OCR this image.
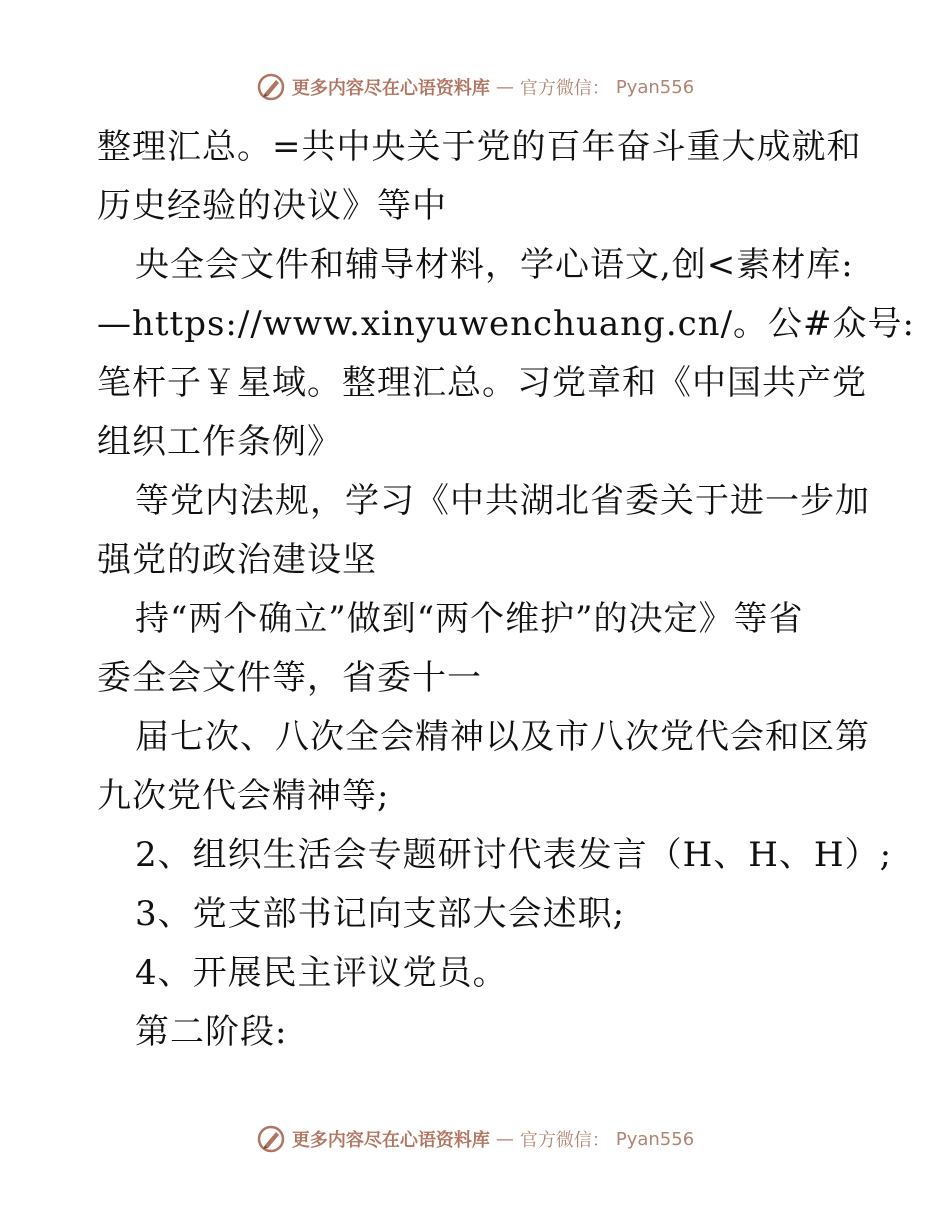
更多内容尽在心语资料库 — 官方微信： Pyan556
整理汇总。=共中央关于党的百年奋斗重大成就和
历史经验的决议》等中
央全会文件和辅导材料，学心语文,创<素材库:
—https://www.xinyuwenchuang.cn/。公#众号:
笔杆子￥星域。整理汇总。习党章和《中国共产党
组织工作条例》
等党内法规，学习《中共湖北省委关于进一步加
强党的政治建设坚
持“两个确立”做到“两个维护”的决定》等省
委全会文件等，省委十一
届七次、八次全会精神以及市八次党代会和区第
九次党代会精神等;
2、组织生活会专题研讨代表发言（H、H、H）;
3、党支部书记向支部大会述职;
4、开展民主评议党员。
第二阶段:
更多内容尽在心语资料库 — 官方微信： Pyan556
